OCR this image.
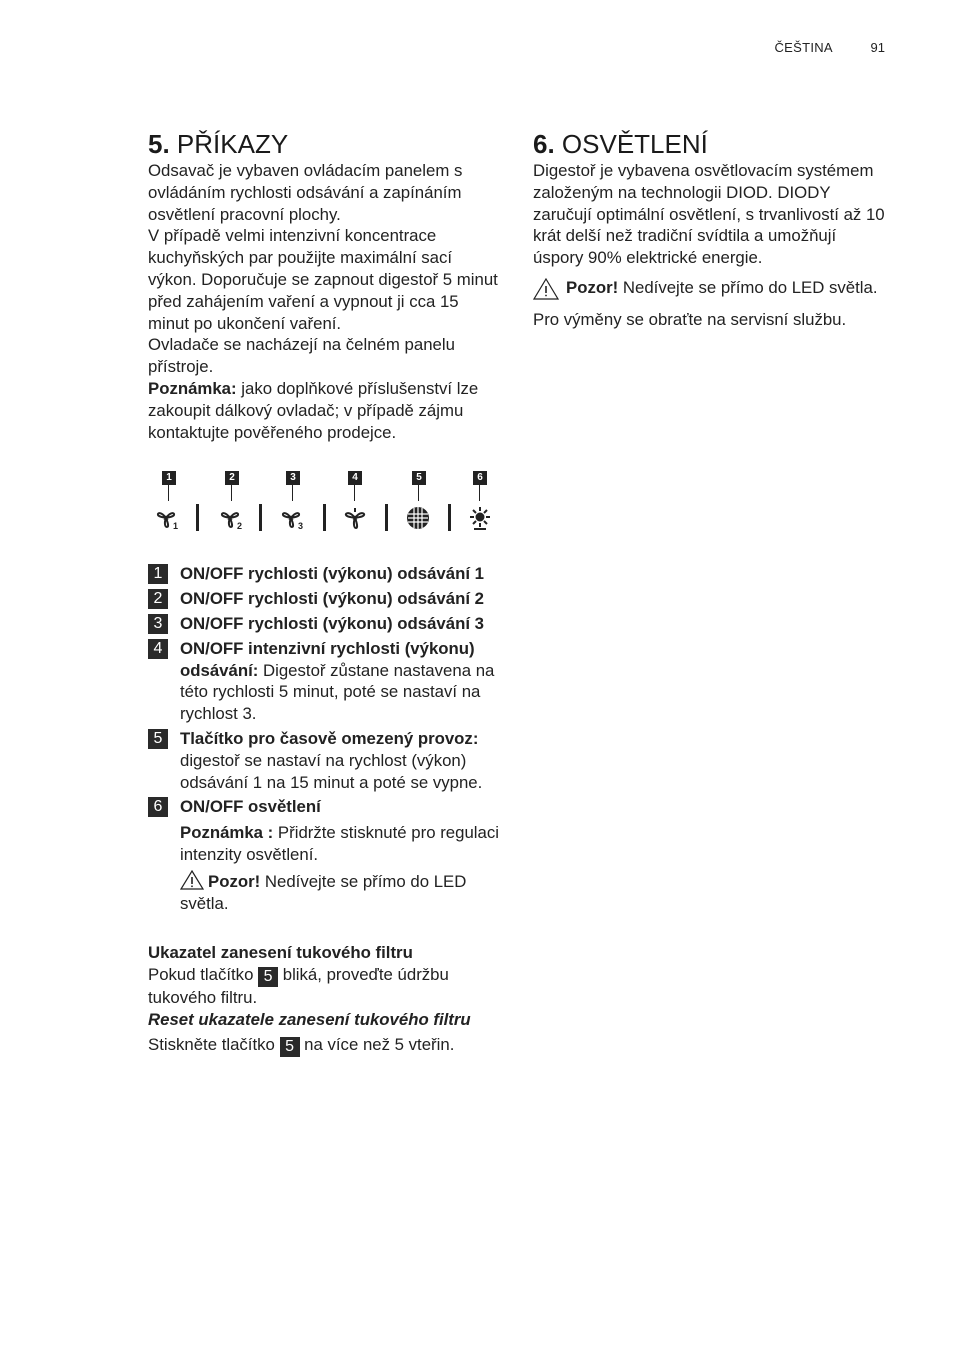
ČEŠTINA	91
5. PŘÍKAZY

Odsavač je vybaven ovládacím panelem s ovládáním rychlosti odsávání a zapínáním osvětlení pracovní plochy.

V případě velmi intenzivní koncentrace kuchyňských par použijte maximální sací výkon. Doporučuje se zapnout digestoř 5 minut před zahájením vaření a vypnout ji cca 15 minut po ukončení vaření.

Ovladače se nacházejí na čelném panelu přístroje.

Poznámka: jako doplňkové příslušenství lze zakoupit dálkový ovladač; v případě zájmu kontaktujte pověřeného prodejce.

1
1
2
2
3
3
4	5	6
1	ON/OFF rychlosti (výkonu) odsávání 1
2	ON/OFF rychlosti (výkonu) odsávání 2
3	ON/OFF rychlosti (výkonu) odsávání 3
4	ON/OFF intenzivní rychlosti (výkonu) odsávání: Digestoř zůstane nastavena na této rychlosti 5 minut, poté se nastaví na rychlost 3.
5	Tlačítko pro časově omezený provoz: digestoř se nastaví na rychlost (výkon) odsávání 1 na 15 minut a poté se vypne.
6	ON/OFF osvětlení
Poznámka : Přidržte stisknuté pro regulaci intenzity osvětlení.
Pozor! Nedívejte se přímo do LED světla.

Ukazatel zanesení tukového filtru

Pokud tlačítko 5 bliká, proveďte údržbu tukového filtru.

Reset ukazatele zanesení tukového filtru

Stiskněte tlačítko 5 na více než 5 vteřin.

6. OSVĚTLENÍ

Digestoř je vybavena osvětlovacím systémem založeným na technologii DIOD. DIODY zaručují optimální osvětlení, s trvanlivostí až 10 krát delší než tradiční svídtila a umožňují úspory 90% elektrické energie.

Pozor! Nedívejte se přímo do LED světla.

Pro výměny se obraťte na servisní službu.
